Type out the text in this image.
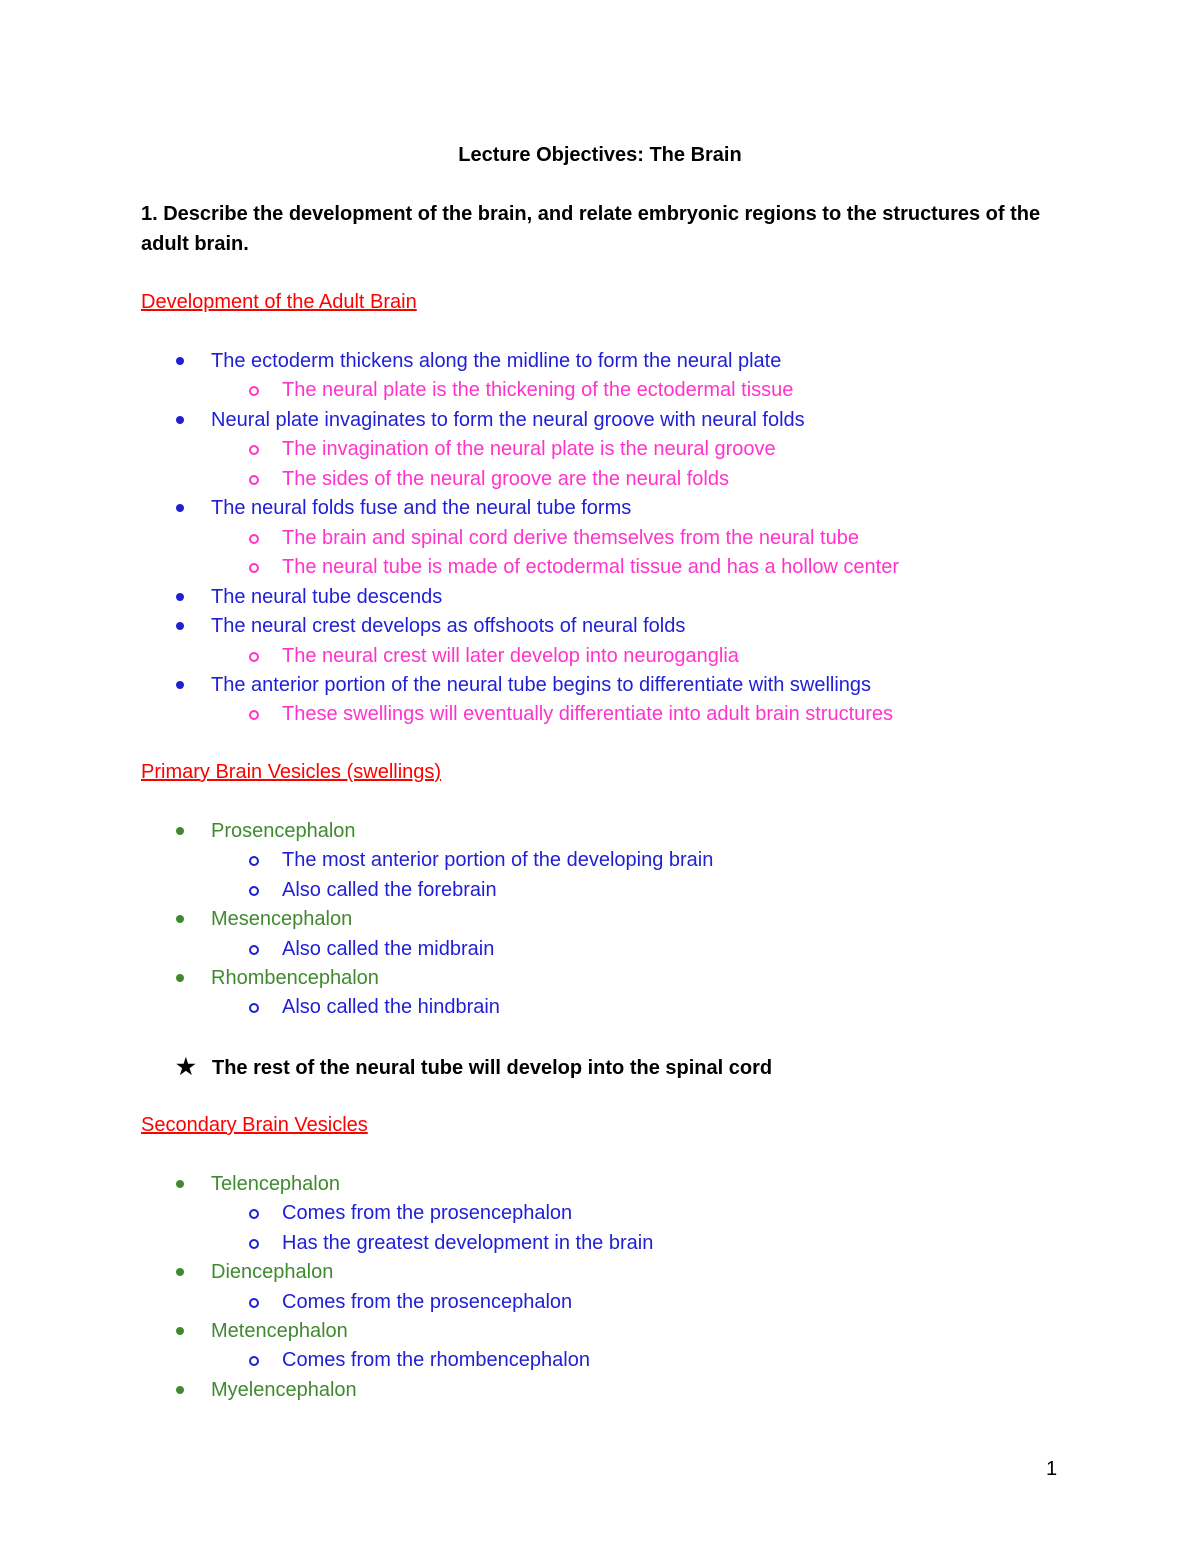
Lecture Objectives: The Brain
1. Describe the development of the brain, and relate embryonic regions to the structures of the adult brain.
Development of the Adult Brain
The ectoderm thickens along the midline to form the neural plate
The neural plate is the thickening of the ectodermal tissue
Neural plate invaginates to form the neural groove with neural folds
The invagination of the neural plate is the neural groove
The sides of the neural groove are the neural folds
The neural folds fuse and the neural tube forms
The brain and spinal cord derive themselves from the neural tube
The neural tube is made of ectodermal tissue and has a hollow center
The neural tube descends
The neural crest develops as offshoots of neural folds
The neural crest will later develop into neuroganglia
The anterior portion of the neural tube begins to differentiate with swellings
These swellings will eventually differentiate into adult brain structures
Primary Brain Vesicles (swellings)
Prosencephalon
The most anterior portion of the developing brain
Also called the forebrain
Mesencephalon
Also called the midbrain
Rhombencephalon
Also called the hindbrain
★ The rest of the neural tube will develop into the spinal cord
Secondary Brain Vesicles
Telencephalon
Comes from the prosencephalon
Has the greatest development in the brain
Diencephalon
Comes from the prosencephalon
Metencephalon
Comes from the rhombencephalon
Myelencephalon
1
